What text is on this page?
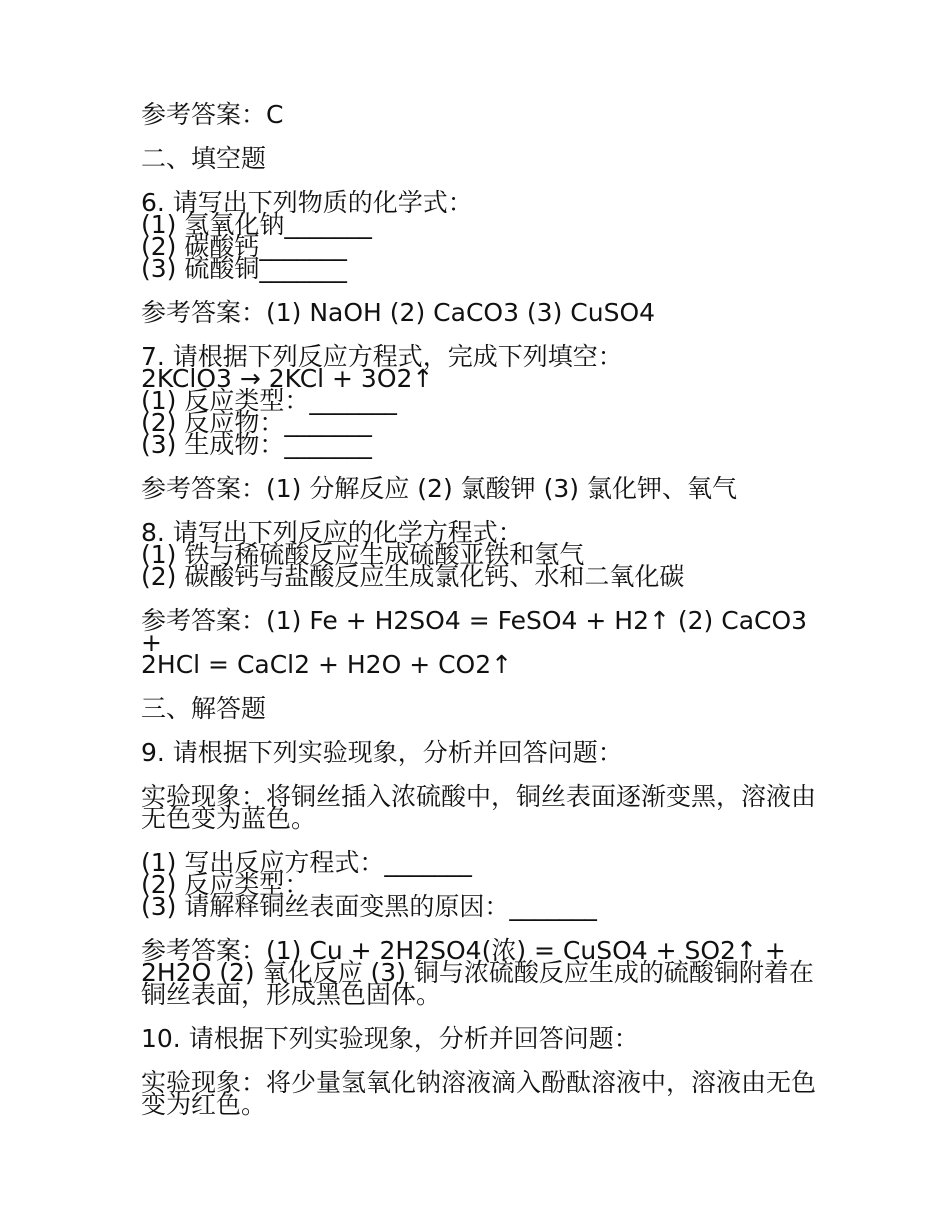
参考答案：C
二、填空题
6. 请写出下列物质的化学式：
(1) 氢氧化钠_______
(2) 碳酸钙_______
(3) 硫酸铜_______
参考答案：(1) NaOH (2) CaCO3 (3) CuSO4
7. 请根据下列反应方程式，完成下列填空：
2KClO3 → 2KCl + 3O2↑
(1) 反应类型：_______
(2) 反应物：_______
(3) 生成物：_______
参考答案：(1) 分解反应 (2) 氯酸钾 (3) 氯化钾、氧气
8. 请写出下列反应的化学方程式：
(1) 铁与稀硫酸反应生成硫酸亚铁和氢气
(2) 碳酸钙与盐酸反应生成氯化钙、水和二氧化碳
参考答案：(1) Fe + H2SO4 = FeSO4 + H2↑ (2) CaCO3 +
2HCl = CaCl2 + H2O + CO2↑
三、解答题
9. 请根据下列实验现象，分析并回答问题：
实验现象：将铜丝插入浓硫酸中，铜丝表面逐渐变黑，溶液由
无色变为蓝色。
(1) 写出反应方程式：_______
(2) 反应类型：
(3) 请解释铜丝表面变黑的原因：_______
参考答案：(1) Cu + 2H2SO4(浓) = CuSO4 + SO2↑ +
2H2O (2) 氧化反应 (3) 铜与浓硫酸反应生成的硫酸铜附着在
铜丝表面，形成黑色固体。
10. 请根据下列实验现象，分析并回答问题：
实验现象：将少量氢氧化钠溶液滴入酚酞溶液中，溶液由无色
变为红色。
